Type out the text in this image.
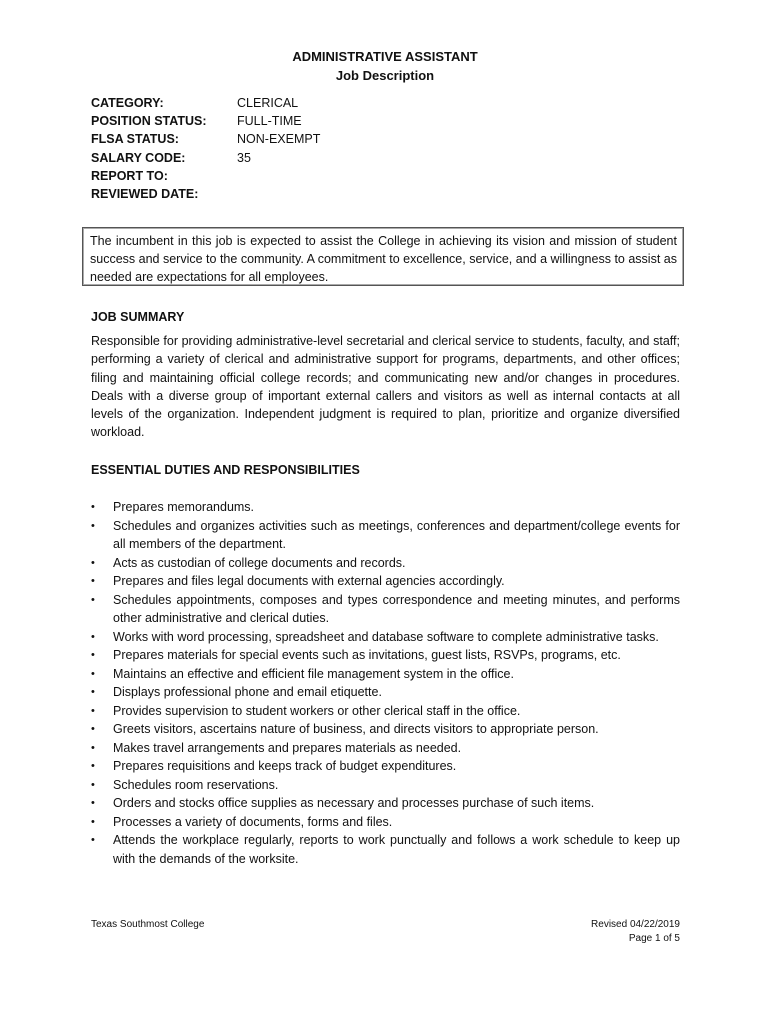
ADMINISTRATIVE ASSISTANT
Job Description
CATEGORY:	CLERICAL
POSITION STATUS:	FULL-TIME
FLSA STATUS:	NON-EXEMPT
SALARY CODE:	35
REPORT TO:
REVIEWED DATE:
The incumbent in this job is expected to assist the College in achieving its vision and mission of student success and service to the community. A commitment to excellence, service, and a willingness to assist as needed are expectations for all employees.
JOB SUMMARY
Responsible for providing administrative-level secretarial and clerical service to students, faculty, and staff; performing a variety of clerical and administrative support for programs, departments, and other offices; filing and maintaining official college records; and communicating new and/or changes in procedures. Deals with a diverse group of important external callers and visitors as well as internal contacts at all levels of the organization. Independent judgment is required to plan, prioritize and organize diversified workload.
ESSENTIAL DUTIES AND RESPONSIBILITIES
•	Prepares memorandums.
•	Schedules and organizes activities such as meetings, conferences and department/college events for all members of the department.
•	Acts as custodian of college documents and records.
•	Prepares and files legal documents with external agencies accordingly.
•	Schedules appointments, composes and types correspondence and meeting minutes, and performs other administrative and clerical duties.
•	Works with word processing, spreadsheet and database software to complete administrative tasks.
•	Prepares materials for special events such as invitations, guest lists, RSVPs, programs, etc.
•	Maintains an effective and efficient file management system in the office.
•	Displays professional phone and email etiquette.
•	Provides supervision to student workers or other clerical staff in the office.
•	Greets visitors, ascertains nature of business, and directs visitors to appropriate person.
•	Makes travel arrangements and prepares materials as needed.
•	Prepares requisitions and keeps track of budget expenditures.
•	Schedules room reservations.
•	Orders and stocks office supplies as necessary and processes purchase of such items.
•	Processes a variety of documents, forms and files.
•	Attends the workplace regularly, reports to work punctually and follows a work schedule to keep up with the demands of the worksite.
Texas Southmost College	Revised 04/22/2019
Page 1 of 5
